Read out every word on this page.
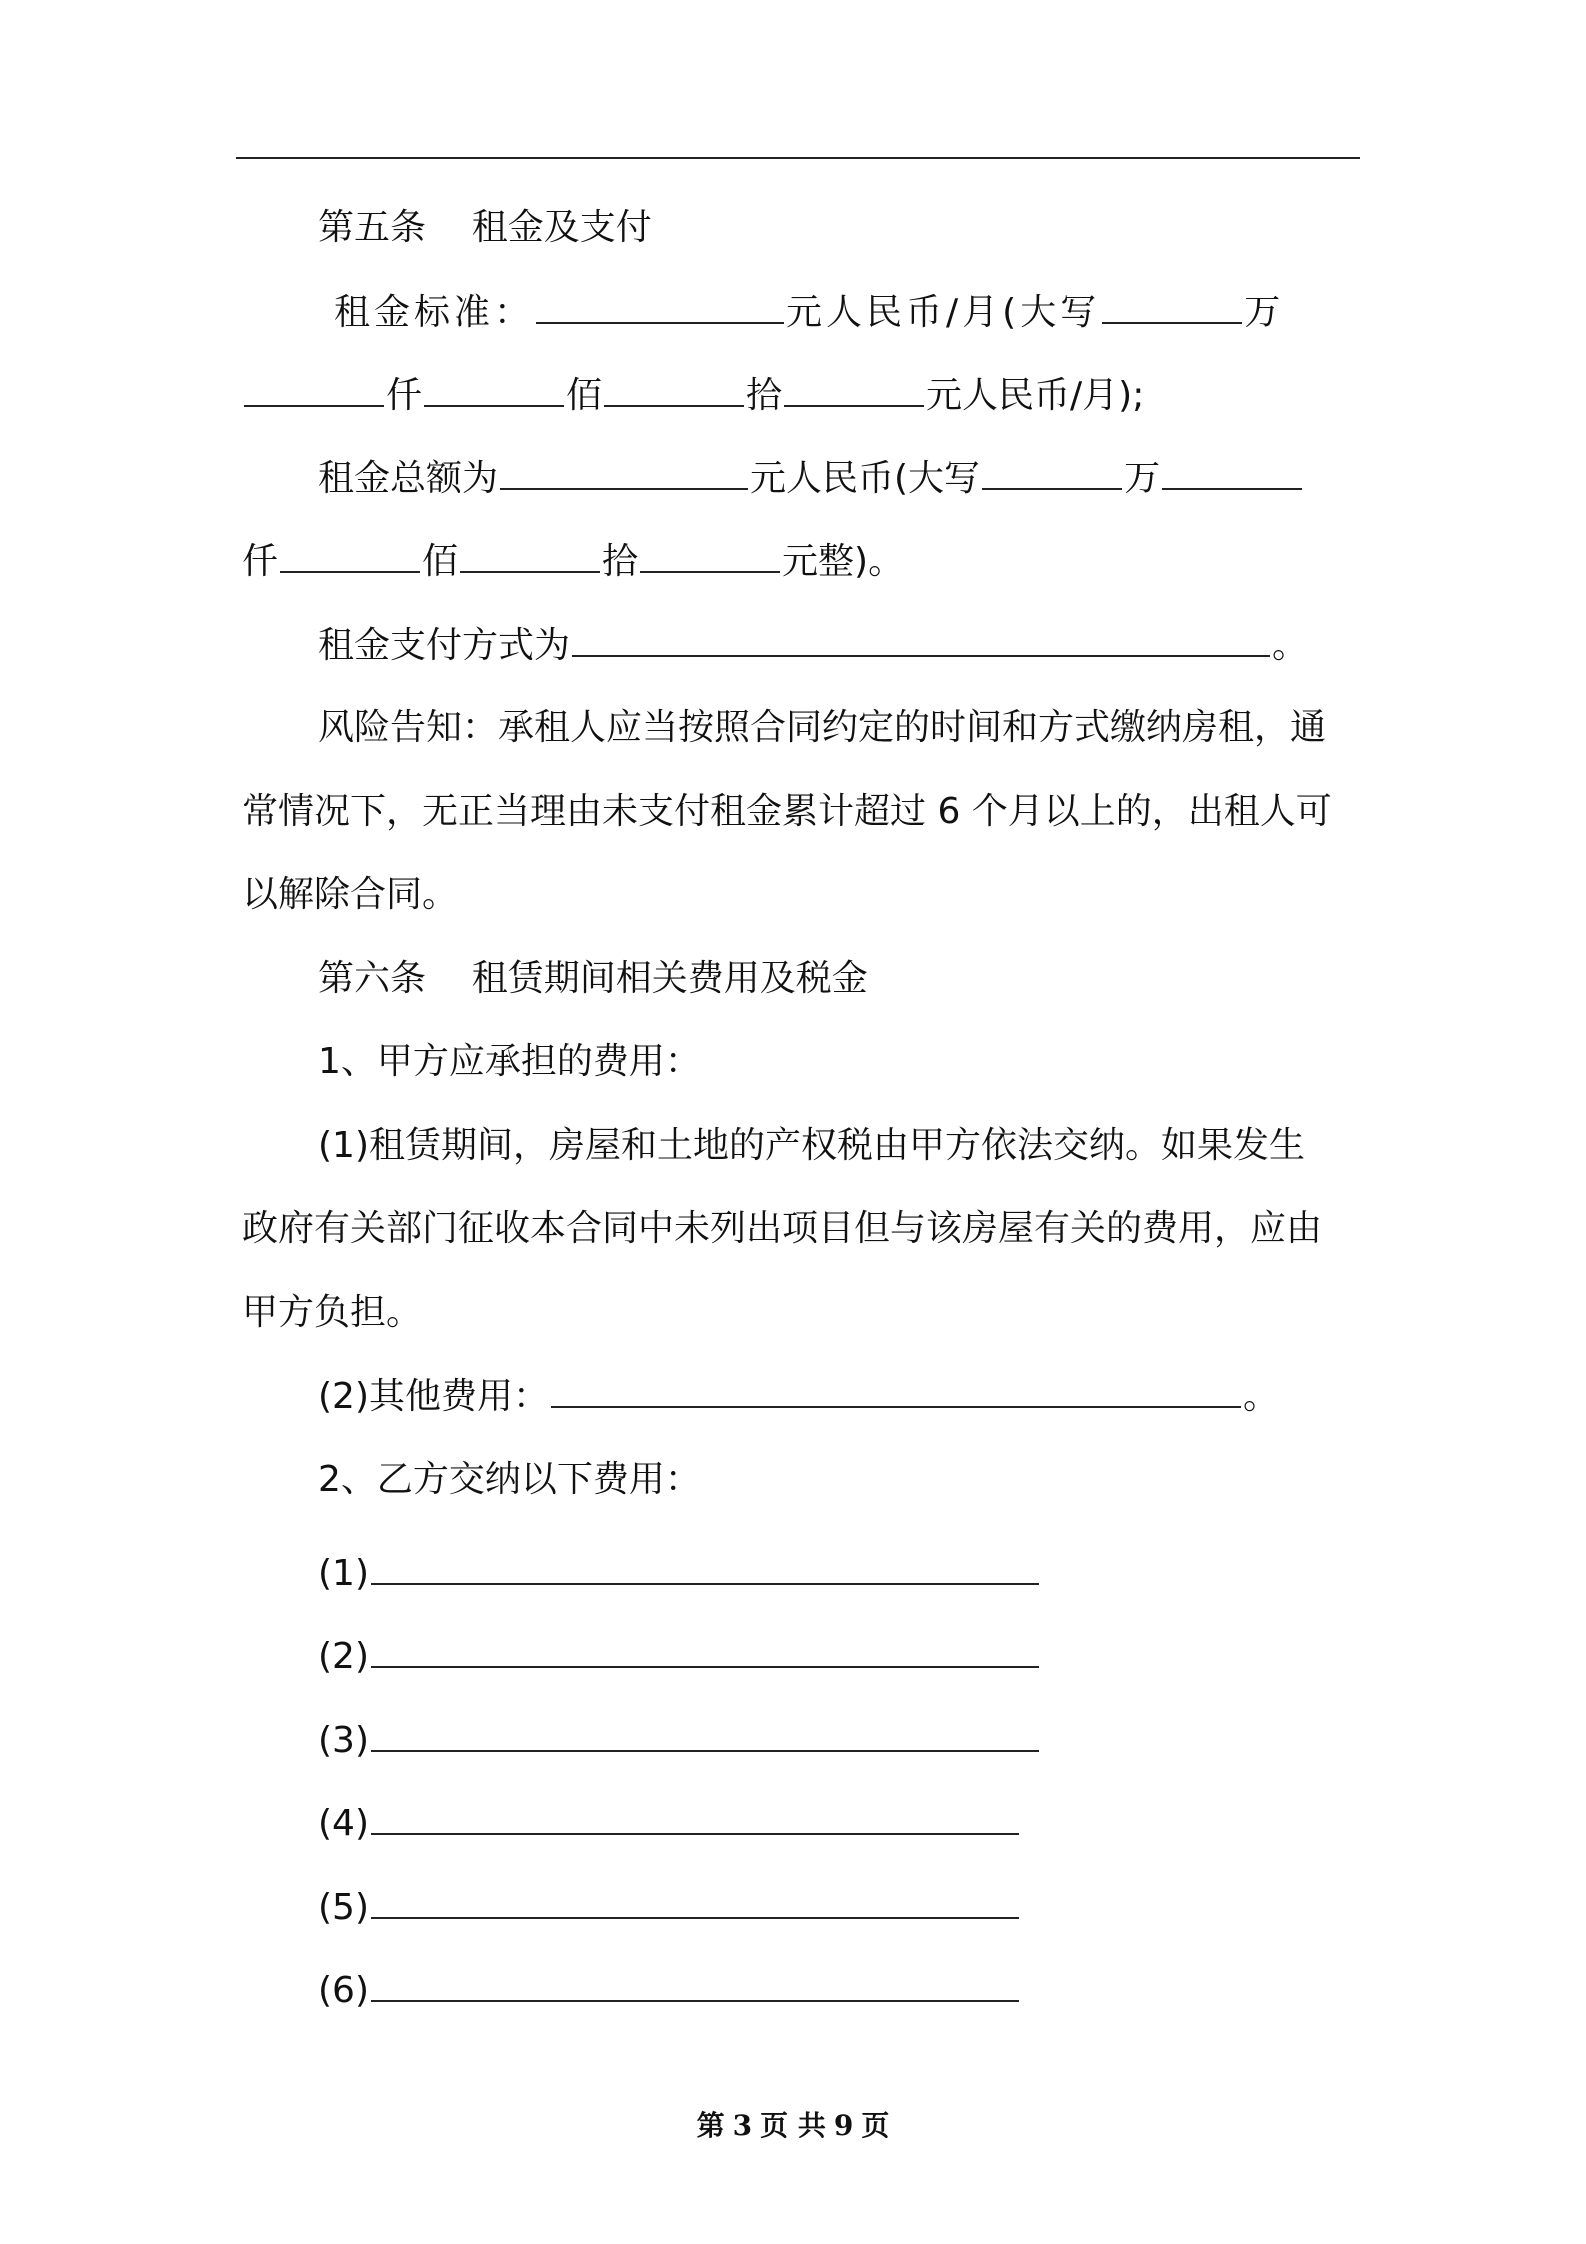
第五条    租金及支付
租金标准：	元人民币/月(大写	万
仟	佰	拾	元人民币/月);
租金总额为	元人民币(大写	万
仟	佰	拾	元整)。
租金支付方式为	。
风险告知：承租人应当按照合同约定的时间和方式缴纳房租，通
常情况下，无正当理由未支付租金累计超过 6 个月以上的，出租人可
以解除合同。
第六条    租赁期间相关费用及税金
1、甲方应承担的费用：
(1)租赁期间，房屋和土地的产权税由甲方依法交纳。如果发生
政府有关部门征收本合同中未列出项目但与该房屋有关的费用，应由
甲方负担。
(2)其他费用：	。
2、乙方交纳以下费用：
(1)
(2)
(3)
(4)
(5)
(6)
第 3 页 共 9 页
